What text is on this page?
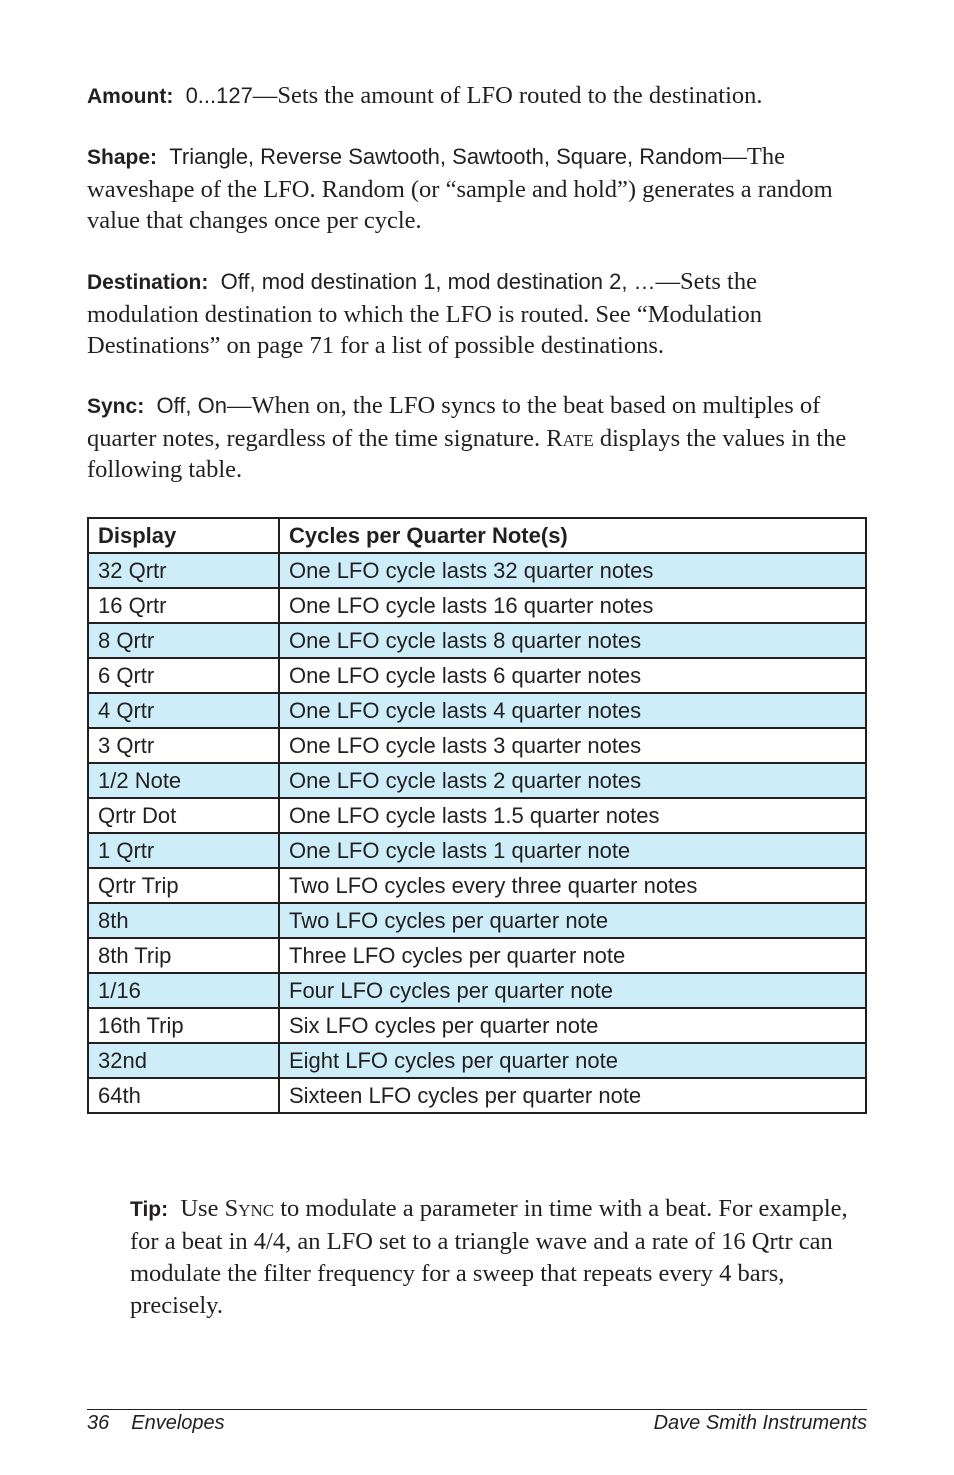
Amount: 0...127—Sets the amount of LFO routed to the destination.
Shape: Triangle, Reverse Sawtooth, Sawtooth, Square, Random—The waveshape of the LFO. Random (or “sample and hold”) generates a random value that changes once per cycle.
Destination: Off, mod destination 1, mod destination 2, …—Sets the modulation destination to which the LFO is routed. See “Modulation Destinations” on page 71 for a list of possible destinations.
Sync: Off, On—When on, the LFO syncs to the beat based on multiples of quarter notes, regardless of the time signature. Rate displays the values in the following table.
Display	Cycles per Quarter Note(s)
32 Qrtr	One LFO cycle lasts 32 quarter notes
16 Qrtr	One LFO cycle lasts 16 quarter notes
8 Qrtr	One LFO cycle lasts 8 quarter notes
6 Qrtr	One LFO cycle lasts 6 quarter notes
4 Qrtr	One LFO cycle lasts 4 quarter notes
3 Qrtr	One LFO cycle lasts 3 quarter notes
1/2 Note	One LFO cycle lasts 2 quarter notes
Qrtr Dot	One LFO cycle lasts 1.5 quarter notes
1 Qrtr	One LFO cycle lasts 1 quarter note
Qrtr Trip	Two LFO cycles every three quarter notes
8th	Two LFO cycles per quarter note
8th Trip	Three LFO cycles per quarter note
1/16	Four LFO cycles per quarter note
16th Trip	Six LFO cycles per quarter note
32nd	Eight LFO cycles per quarter note
64th	Sixteen LFO cycles per quarter note
Tip: Use Sync to modulate a parameter in time with a beat. For example, for a beat in 4/4, an LFO set to a triangle wave and a rate of 16 Qrtr can modulate the filter frequency for a sweep that repeats every 4 bars, precisely.
36 Envelopes	Dave Smith Instruments
